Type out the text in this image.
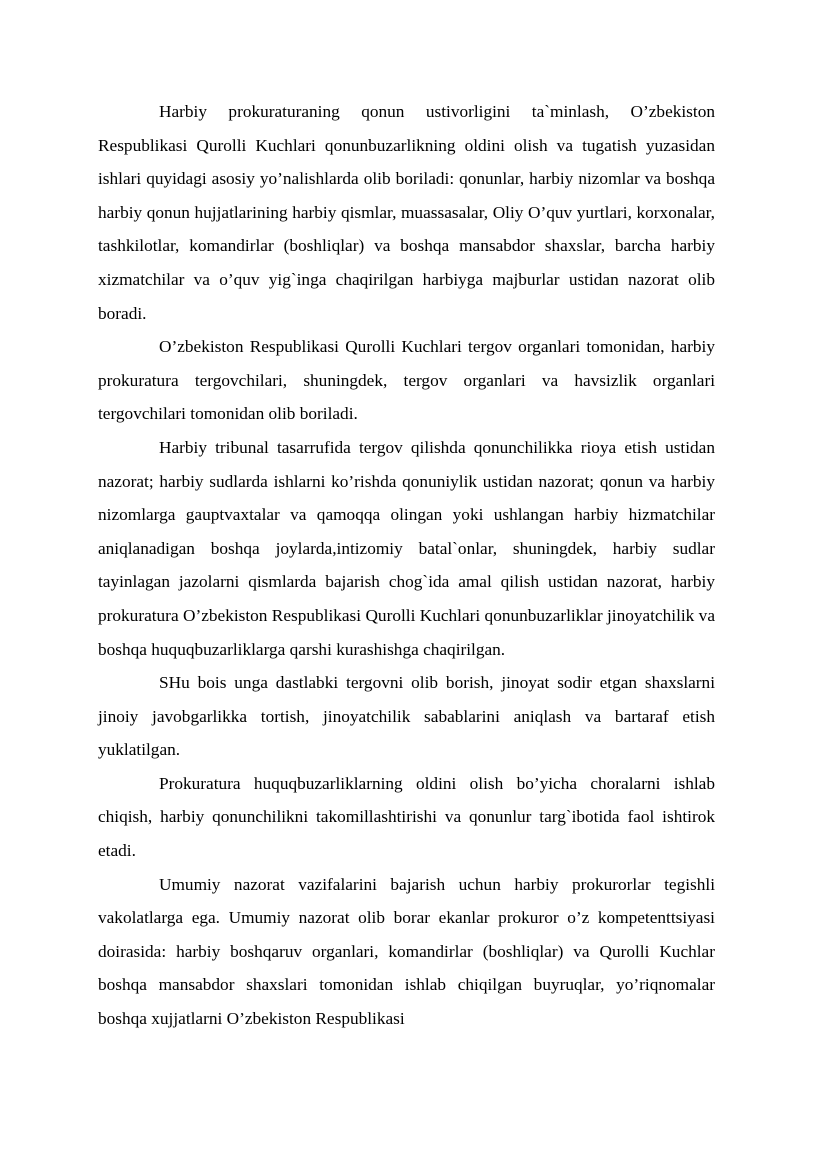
Harbiy prokuraturaning qonun ustivorligini ta`minlash, O’zbekiston Respublikasi Qurolli Kuchlari qonunbuzarlikning oldini olish va tugatish yuzasidan ishlari quyidagi asosiy yo’nalishlarda olib boriladi: qonunlar, harbiy nizomlar va boshqa harbiy qonun hujjatlarining harbiy qismlar, muassasalar, Oliy O’quv yurtlari, korxonalar, tashkilotlar, komandirlar (boshliqlar) va boshqa mansabdor shaxslar, barcha harbiy xizmatchilar va o’quv yig`inga chaqirilgan harbiyga majburlar ustidan nazorat olib boradi.

O’zbekiston Respublikasi Qurolli Kuchlari tergov organlari tomonidan, harbiy prokuratura tergovchilari, shuningdek, tergov organlari va havsizlik organlari tergovchilari tomonidan olib boriladi.

Harbiy tribunal tasarrufida tergov qilishda qonunchilikka rioya etish ustidan nazorat; harbiy sudlarda ishlarni ko’rishda qonuniylik ustidan nazorat; qonun va harbiy nizomlarga gauptvaxtalar va qamoqqa olingan yoki ushlangan harbiy hizmatchilar aniqlanadigan boshqa joylarda,intizomiy batal`onlar, shuningdek, harbiy sudlar tayinlagan jazolarni qismlarda bajarish chog`ida amal qilish ustidan nazorat, harbiy prokuratura O’zbekiston Respublikasi Qurolli Kuchlari qonunbuzarliklar jinoyatchilik va boshqa huquqbuzarliklarga qarshi kurashishga chaqirilgan.

SHu bois unga dastlabki tergovni olib borish, jinoyat sodir etgan shaxslarni jinoiy javobgarlikka tortish, jinoyatchilik sabablarini aniqlash va bartaraf etish yuklatilgan.

Prokuratura huquqbuzarliklarning oldini olish bo’yicha choralarni ishlab chiqish, harbiy qonunchilikni takomillashtirishi va qonunlur targ`ibotida faol ishtirok etadi.

Umumiy nazorat vazifalarini bajarish uchun harbiy prokurorlar tegishli vakolatlarga ega. Umumiy nazorat olib borar ekanlar prokuror o’z kompetenttsiyasi doirasida: harbiy boshqaruv organlari, komandirlar (boshliqlar) va Qurolli Kuchlar boshqa mansabdor shaxslari tomonidan ishlab chiqilgan buyruqlar, yo’riqnomalar boshqa xujjatlarni O’zbekiston Respublikasi
